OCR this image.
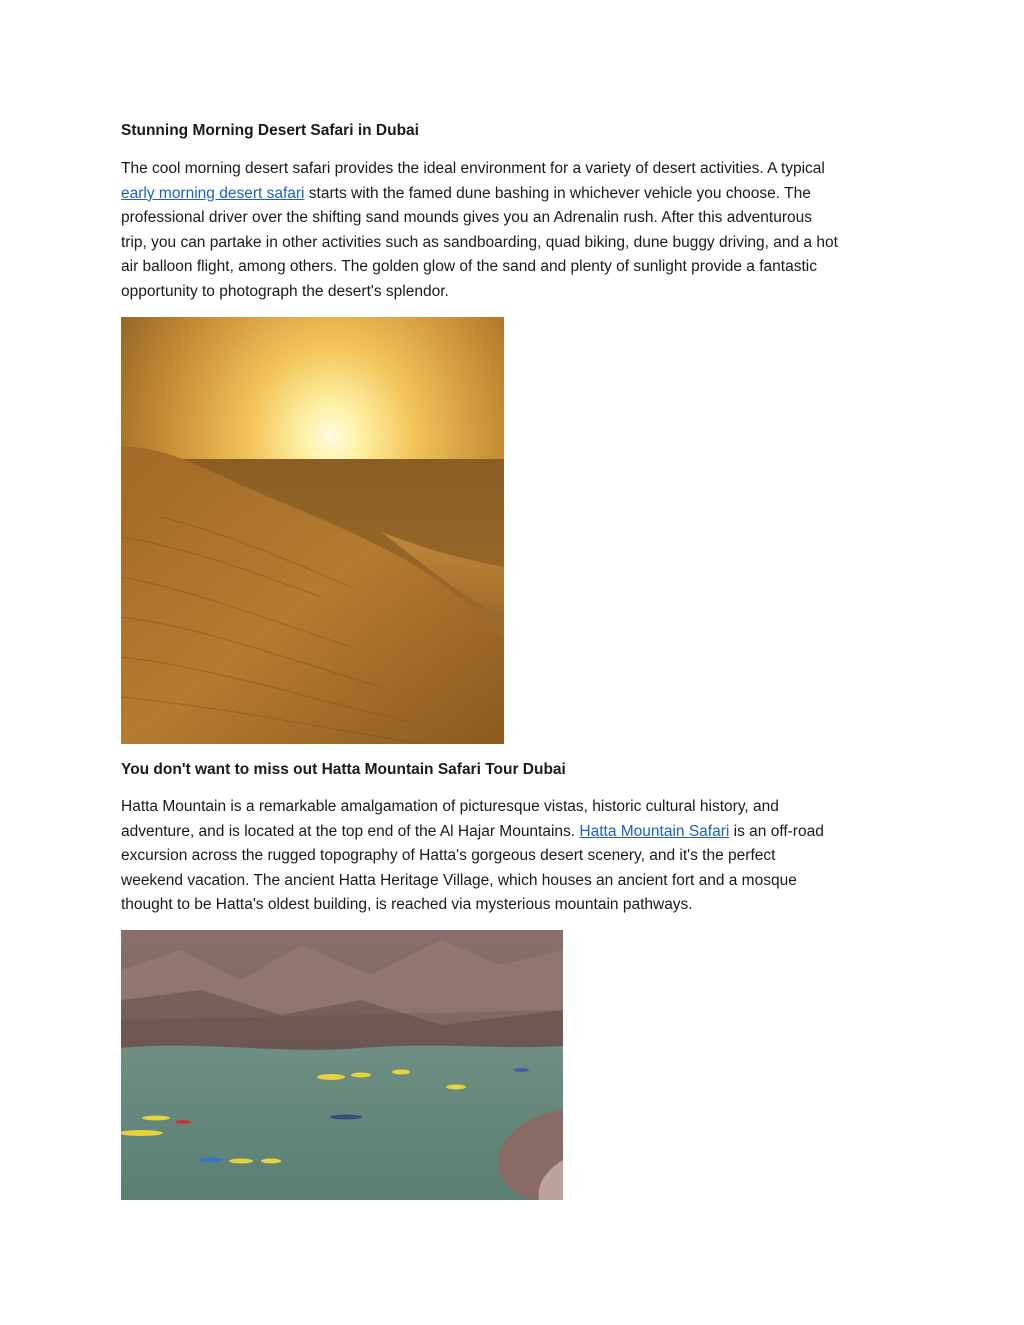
Stunning Morning Desert Safari in Dubai
The cool morning desert safari provides the ideal environment for a variety of desert activities. A typical
early morning desert safari starts with the famed dune bashing in whichever vehicle you choose. The
professional driver over the shifting sand mounds gives you an Adrenalin rush. After this adventurous
trip, you can partake in other activities such as sandboarding, quad biking, dune buggy driving, and a hot
air balloon flight, among others. The golden glow of the sand and plenty of sunlight provide a fantastic
opportunity to photograph the desert's splendor.
You don't want to miss out Hatta Mountain Safari Tour Dubai
Hatta Mountain is a remarkable amalgamation of picturesque vistas, historic cultural history, and
adventure, and is located at the top end of the Al Hajar Mountains. Hatta Mountain Safari is an off-road
excursion across the rugged topography of Hatta's gorgeous desert scenery, and it's the perfect
weekend vacation. The ancient Hatta Heritage Village, which houses an ancient fort and a mosque
thought to be Hatta's oldest building, is reached via mysterious mountain pathways.
